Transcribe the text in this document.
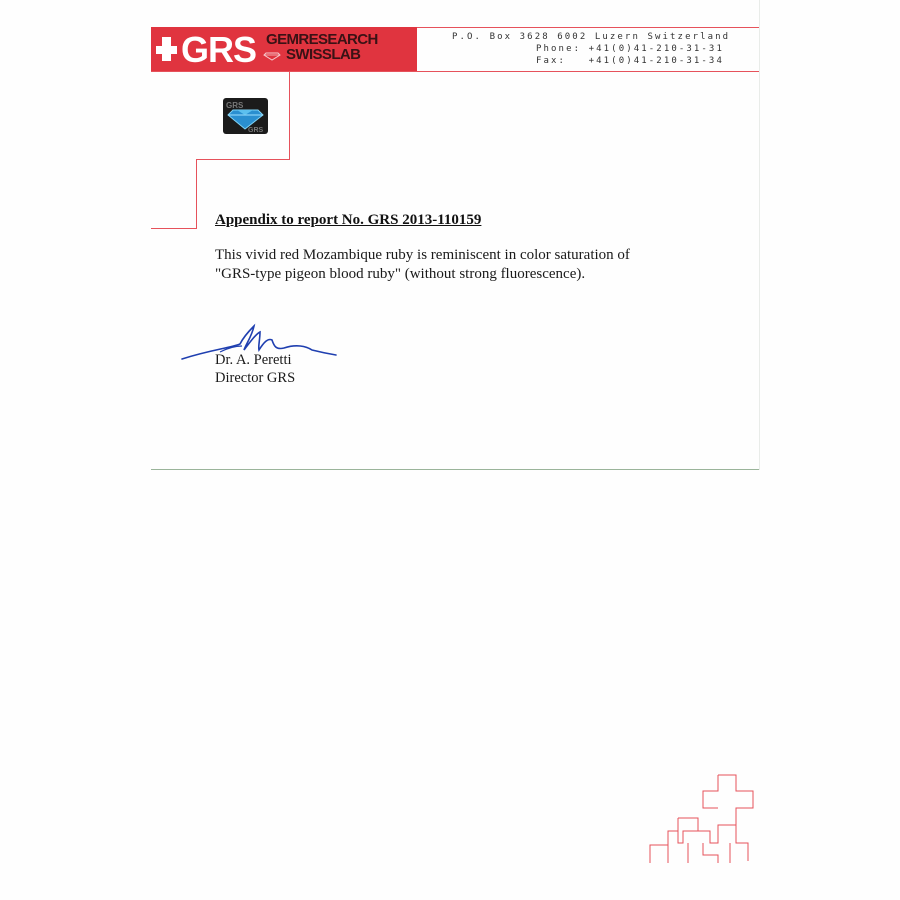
GRS GEMRESEARCH
SWISSLAB
P.O. Box 3628 6002 Luzern Switzerland
Phone: +41(0)41-210-31-31
Fax:   +41(0)41-210-31-34
GRS
GRS
Appendix to report No. GRS 2013-110159
This vivid red Mozambique ruby is reminiscent in color saturation of
"GRS-type pigeon blood ruby" (without strong fluorescence).
Dr. A. Peretti
Director GRS
